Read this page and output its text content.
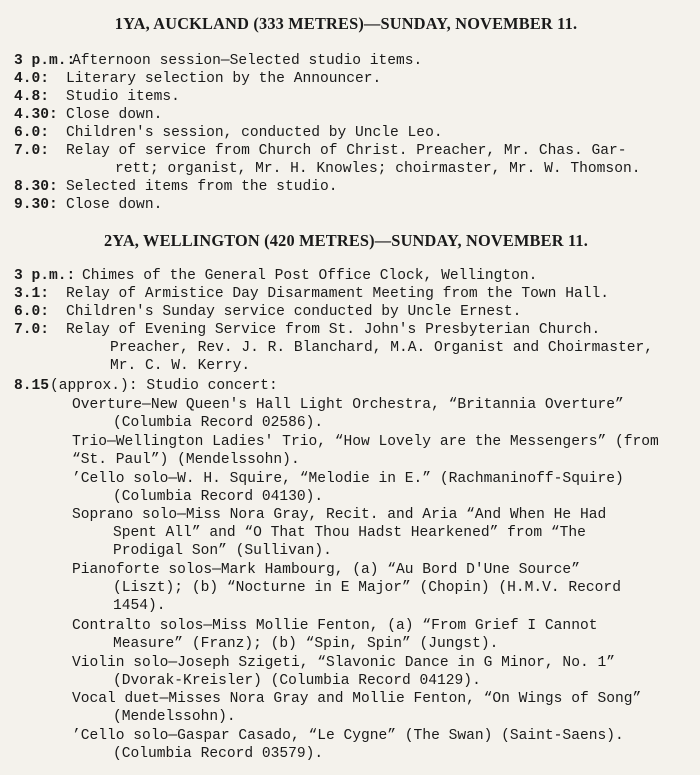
1YA, AUCKLAND (333 METRES)—SUNDAY, NOVEMBER 11.
3 p.m.:Afternoon session—Selected studio items.
4.0: Literary selection by the Announcer.
4.8: Studio items.
4.30: Close down.
6.0: Children's session, conducted by Uncle Leo.
7.0: Relay of service from Church of Christ. Preacher, Mr. Chas. Gar-
rett; organist, Mr. H. Knowles; choirmaster, Mr. W. Thomson.
8.30: Selected items from the studio.
9.30: Close down.
2YA, WELLINGTON (420 METRES)—SUNDAY, NOVEMBER 11.
3 p.m.: Chimes of the General Post Office Clock, Wellington.
3.1: Relay of Armistice Day Disarmament Meeting from the Town Hall.
6.0: Children's Sunday service conducted by Uncle Ernest.
7.0: Relay of Evening Service from St. John's Presbyterian Church.
Preacher, Rev. J. R. Blanchard, M.A. Organist and Choirmaster,
Mr. C. W. Kerry.
8.15(approx.): Studio concert:
Overture—New Queen's Hall Light Orchestra, “Britannia Overture”
(Columbia Record 02586).
Trio—Wellington Ladies' Trio, “How Lovely are the Messengers” (from
“St. Paul”) (Mendelssohn).
’Cello solo—W. H. Squire, “Melodie in E.” (Rachmaninoff-Squire)
(Columbia Record 04130).
Soprano solo—Miss Nora Gray, Recit. and Aria “And When He Had
Spent All” and “O That Thou Hadst Hearkened” from “The
Prodigal Son” (Sullivan).
Pianoforte solos—Mark Hambourg, (a) “Au Bord D'Une Source”
(Liszt); (b) “Nocturne in E Major” (Chopin) (H.M.V. Record
1454).
Contralto solos—Miss Mollie Fenton, (a) “From Grief I Cannot
Measure” (Franz); (b) “Spin, Spin” (Jungst).
Violin solo—Joseph Szigeti, “Slavonic Dance in G Minor, No. 1”
(Dvorak-Kreisler) (Columbia Record 04129).
Vocal duet—Misses Nora Gray and Mollie Fenton, “On Wings of Song”
(Mendelssohn).
’Cello solo—Gaspar Casado, “Le Cygne” (The Swan) (Saint-Saens).
(Columbia Record 03579).
